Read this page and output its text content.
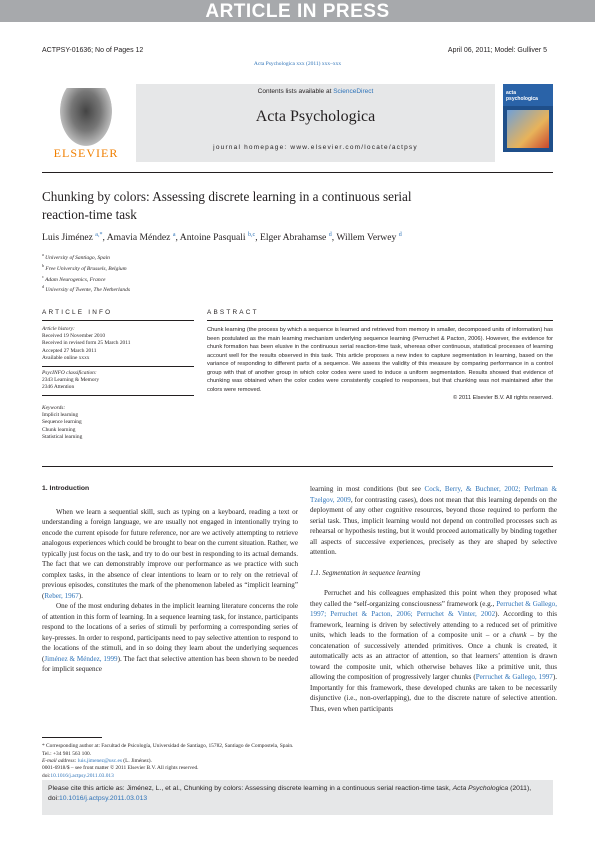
ARTICLE IN PRESS
ACTPSY-01636; No of Pages 12	April 06, 2011; Model: Gulliver 5
Acta Psychologica xxx (2011) xxx–xxx
ELSEVIER
Contents lists available at ScienceDirect
Acta Psychologica
journal homepage: www.elsevier.com/locate/actpsy
acta
psychologica
Chunking by colors: Assessing discrete learning in a continuous serial
reaction-time task
Luis Jiménez $^{a,*}$, Amavia Méndez $^a$, Antoine Pasquali $^{b,c}$, Elger Abrahamse $^d$, Willem Verwey $^d$
$^a$ University of Santiago, Spain
$^b$ Free University of Brussels, Belgium
$^c$ Adam Neurogenics, France
$^d$ University of Twente, The Netherlands
ARTICLE INFO	ABSTRACT
Article history:
Received 19 November 2010
Received in revised form 25 March 2011
Accepted 27 March 2011
Available online xxxx
PsycINFO classification:
2343 Learning & Memory
2346 Attention
Keywords:
Implicit learning
Sequence learning
Chunk learning
Statistical learning
Chunk learning (the process by which a sequence is learned and retrieved from memory in smaller, decomposed units of information) has been postulated as the main learning mechanism underlying sequence learning (Perruchet & Pacton, 2006). However, the evidence for chunk formation has been elusive in the continuous serial reaction-time task, whereas other continuous, statistical processes of learning account well for the results observed in this task. This article proposes a new index to capture segmentation in learning, based on the variance of responding to different parts of a sequence. We assess the validity of this measure by comparing performance in a control group with that of another group in which color codes were used to induce a uniform segmentation. Results showed that evidence of chunking was obtained when the color codes were consistently coupled to responses, but that chunking was not maintained after the colors were removed.
© 2011 Elsevier B.V. All rights reserved.
1. Introduction

When we learn a sequential skill, such as typing on a keyboard, reading a text or understanding a foreign language, we are usually not engaged in intentionally trying to encode the current episode for future reference, nor are we actively attempting to retrieve analogous experiences which could be brought to bear on the current situation. Rather, we typically just focus on the task, and try to do our best in responding to its actual demands. The fact that we can demonstrably improve our performance as we practice with such complex tasks, in the absence of clear intentions to learn or to rely on the retrieval of previous episodes, constitutes the mark of the phenomenon labeled as “implicit learning” (Reber, 1967).

One of the most enduring debates in the implicit learning literature concerns the role of attention in this form of learning. In a sequence learning task, for instance, participants respond to the locations of a series of stimuli by performing a corresponding series of key-presses. In order to respond, participants need to pay selective attention to respond to the locations of the stimuli, and in so doing they learn about the underlying sequences (Jiménez & Méndez, 1999). The fact that selective attention has been shown to be needed for implicit sequence

* Corresponding author at: Facultad de Psicología, Universidad de Santiago, 15782, Santiago de Compostela, Spain. Tel.: +34 981 563 100.
E-mail address: luis.jimenez@usc.es (L. Jiménez).
0001-6918/$ – see front matter © 2011 Elsevier B.V. All rights reserved.
doi:10.1016/j.actpsy.2011.03.013

learning in most conditions (but see Cock, Berry, & Buchner, 2002; Perlman & Tzelgov, 2009, for contrasting cases), does not mean that this learning depends on the deployment of any other cognitive resources, beyond those required to perform the serial task. Thus, implicit learning would not depend on controlled processes such as rehearsal or hypothesis testing, but it would proceed automatically by binding together all aspects of successive experiences, precisely as they are shaped by selective attention.

1.1. Segmentation in sequence learning

Perruchet and his colleagues emphasized this point when they proposed what they called the “self-organizing consciousness” framework (e.g., Perruchet & Gallego, 1997; Perruchet & Pacton, 2006; Perruchet & Vinter, 2002). According to this framework, learning is driven by selectively attending to a reduced set of primitive units, which leads to the formation of a composite unit – or a chunk – by the concatenation of successively attended primitives. Once a chunk is created, it automatically acts as an attractor of attention, so that learners’ attention is drawn toward the composite unit, which otherwise behaves like a primitive unit, thus allowing the composition of progressively larger chunks (Perruchet & Gallego, 1997). Importantly for this framework, these developed chunks are taken to be necessarily disjunctive (i.e., non-overlapping), due to the discrete nature of selective attention. Thus, even when participants

Please cite this article as: Jiménez, L., et al., Chunking by colors: Assessing discrete learning in a continuous serial reaction-time task, Acta Psychologica (2011), doi:10.1016/j.actpsy.2011.03.013
